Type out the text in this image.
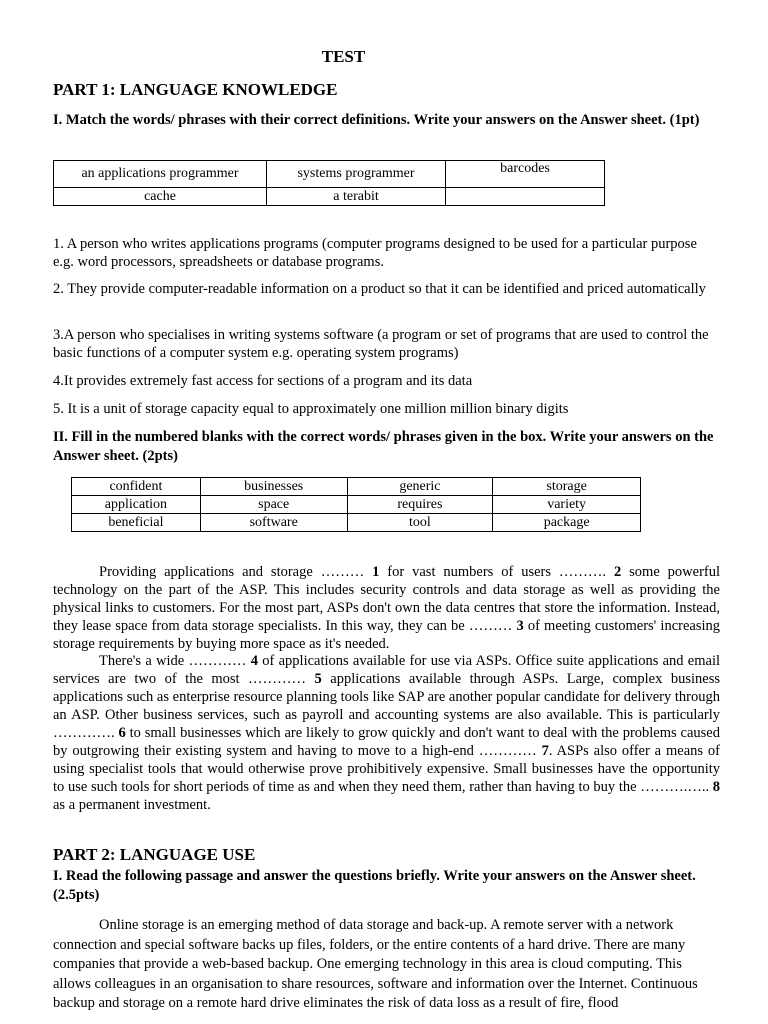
TEST
PART 1: LANGUAGE KNOWLEDGE

I. Match the words/ phrases with their correct definitions. Write your answers on the Answer sheet. (1pt)

an applications programmer	systems programmer	barcodes
cache	a terabit	

1. A person who writes applications programs (computer programs designed to be used for a particular purpose e.g. word processors, spreadsheets or database programs.

2. They provide computer-readable information on a product so that it can be identified and priced automatically

3.A person who specialises in writing systems software (a program or set of programs that are used to control the basic functions of a computer system e.g. operating system programs)

4.It provides extremely fast access for sections of a program and its data

5. It is a unit of storage capacity equal to approximately one million million binary digits

II. Fill in the numbered blanks with the correct words/ phrases given in the box. Write your answers on the Answer sheet. (2pts)

confident	businesses	generic	storage
application	space	requires	variety
beneficial	software	tool	package

Providing applications and storage ……… 1 for vast numbers of users ………. 2 some powerful technology on the part of the ASP. This includes security controls and data storage as well as providing the physical links to customers. For the most part, ASPs don't own the data centres that store the information. Instead, they lease space from data storage specialists. In this way, they can be ……… 3 of meeting customers' increasing storage requirements by buying more space as it's needed.

There's a wide ………… 4 of applications available for use via ASPs. Office suite applications and email services are two of the most ………… 5 applications available through ASPs. Large, complex business applications such as enterprise resource planning tools like SAP are another popular candidate for delivery through an ASP. Other business services, such as payroll and accounting systems are also available. This is particularly …………. 6 to small businesses which are likely to grow quickly and don't want to deal with the problems caused by outgrowing their existing system and having to move to a high-end ………… 7. ASPs also offer a means of using specialist tools that would otherwise prove prohibitively expensive. Small businesses have the opportunity to use such tools for short periods of time as and when they need them, rather than having to buy the ……….….. 8 as a permanent investment.

PART 2: LANGUAGE USE

I. Read the following passage and answer the questions briefly. Write your answers on the Answer sheet.(2.5pts)

Online storage is an emerging method of data storage and back-up. A remote server with a network connection and special software backs up files, folders, or the entire contents of a hard drive. There are many companies that provide a web-based backup. One emerging technology in this area is cloud computing. This allows colleagues in an organisation to share resources, software and information over the Internet. Continuous backup and storage on a remote hard drive eliminates the risk of data loss as a result of fire, flood
